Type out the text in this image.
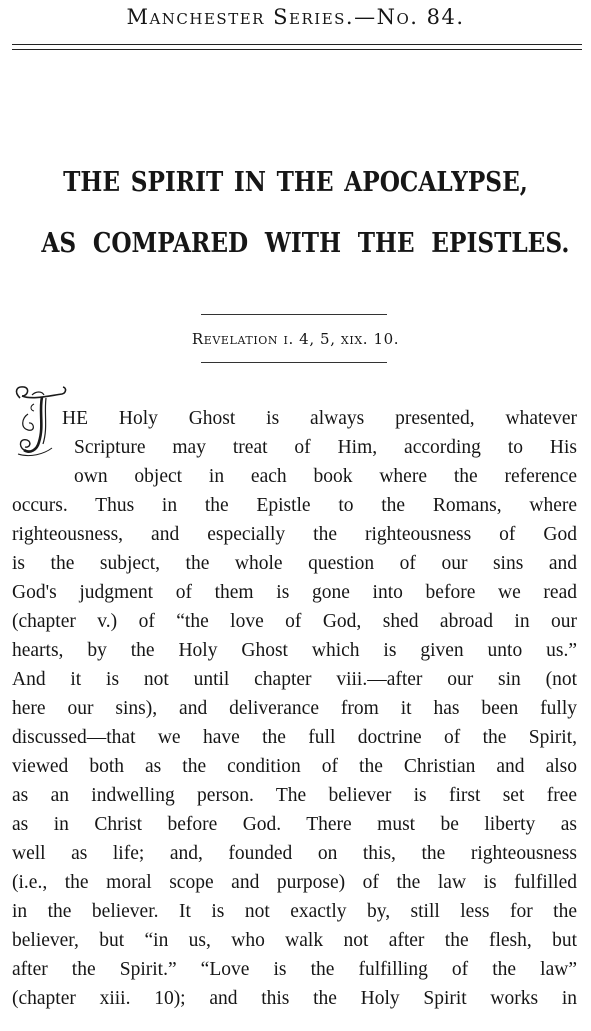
Manchester Series.—No. 84.
THE SPIRIT IN THE APOCALYPSE,
AS COMPARED WITH THE EPISTLES.
Revelation i. 4, 5, xix. 10.
HE Holy Ghost is always presented, whatever
Scripture may treat of Him, according to His
own object in each book where the reference
occurs. Thus in the Epistle to the Romans, where
righteousness, and especially the righteousness of God
is the subject, the whole question of our sins and
God's judgment of them is gone into before we read
(chapter v.) of “the love of God, shed abroad in our
hearts, by the Holy Ghost which is given unto us.”
And it is not until chapter viii.—after our sin (not
here our sins), and deliverance from it has been fully
discussed—that we have the full doctrine of the Spirit,
viewed both as the condition of the Christian and also
as an indwelling person. The believer is first set free
as in Christ before God. There must be liberty as
well as life; and, founded on this, the righteousness
(i.e., the moral scope and purpose) of the law is fulfilled
in the believer. It is not exactly by, still less for the
believer, but “in us, who walk not after the flesh, but
after the Spirit.” “Love is the fulfilling of the law”
(chapter xiii. 10); and this the Holy Spirit works in
